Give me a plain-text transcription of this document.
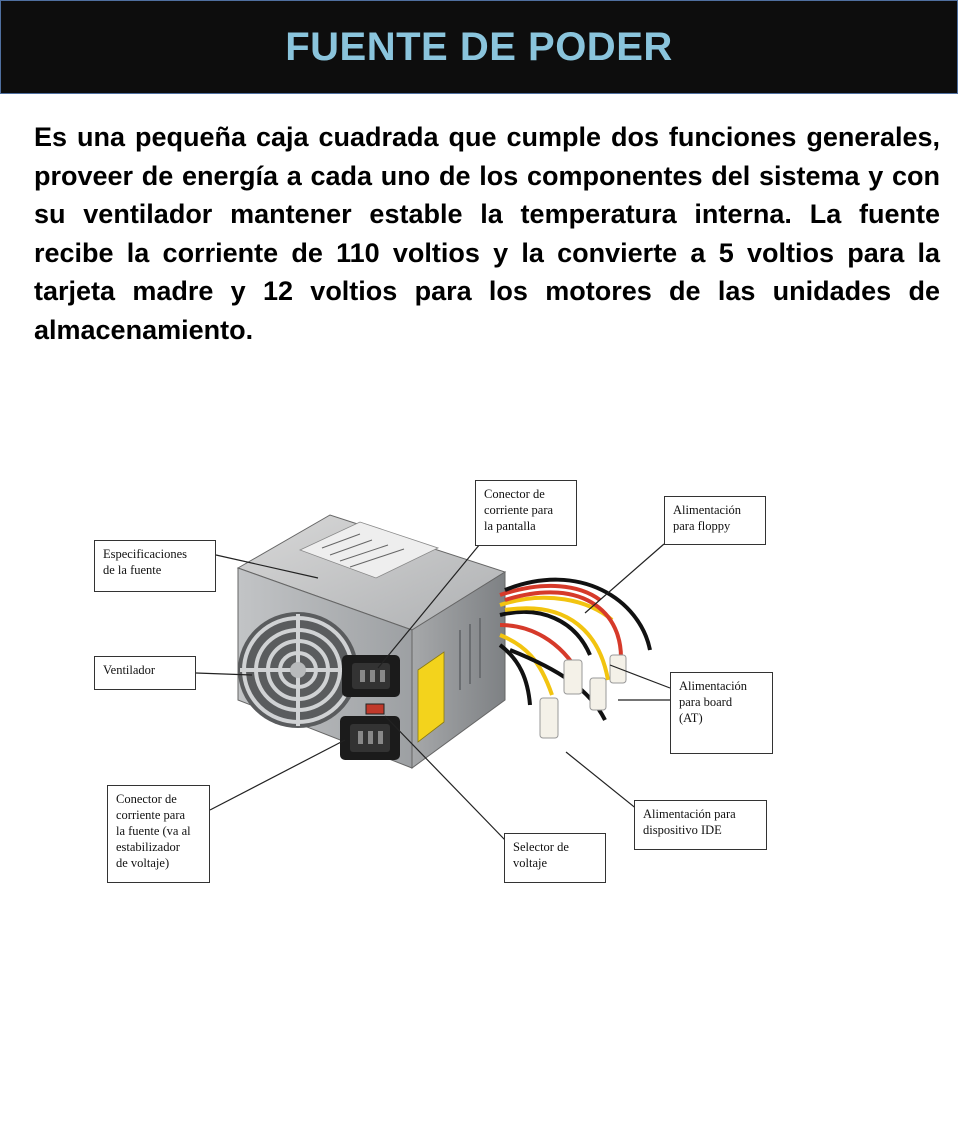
FUENTE DE PODER

Es una pequeña caja cuadrada que cumple dos funciones generales, proveer de energía a cada uno de los componentes del sistema y con su ventilador mantener estable la temperatura interna. La fuente recibe la corriente de 110 voltios y la convierte a 5 voltios para la tarjeta madre y 12 voltios para los motores de las unidades de almacenamiento.

Especificaciones
de la fuente
Ventilador
Conector de
corriente para
la fuente (va al
estabilizador
de voltaje)
Conector de
corriente para
la pantalla
Alimentación
para floppy
Alimentación
para board
(AT)
Alimentación para
dispositivo IDE
Selector de
voltaje
